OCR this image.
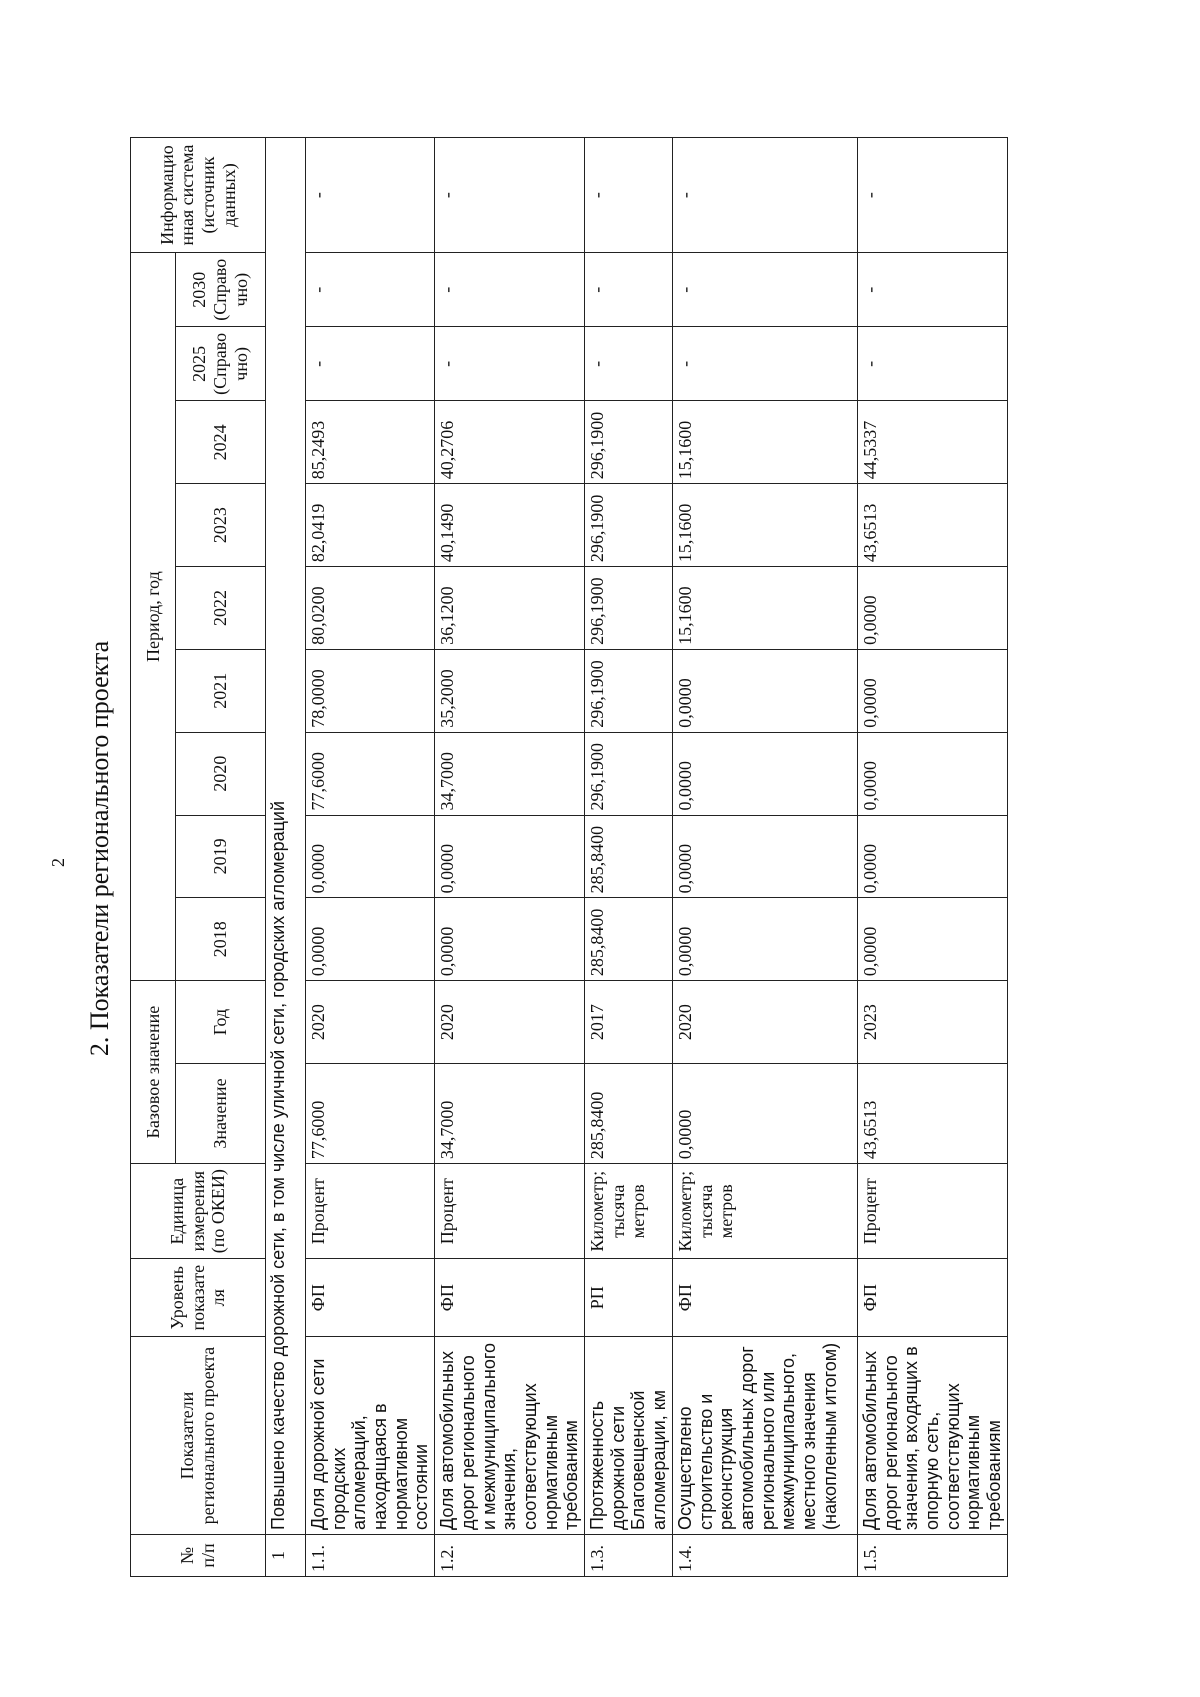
2 2. Показатели регионального проекта
№ п/п	Показатели регионального проекта	Уровень показателя	Единица измерения (по ОКЕИ)	Базовое значение		Период, год									Информационная система (источник данных)
				Значение	Год	2018	2019	2020	2021	2022	2023	2024	2025 (Справочно)	2030 (Справочно)	
1	Повышено качество дорожной сети, в том числе уличной сети, городских агломераций														
1.1.	Доля дорожной сети городских агломераций, находящаяся в нормативном состоянии	ФП	Процент	77,6000	2020	0,0000	0,0000	77,6000	78,0000	80,0200	82,0419	85,2493	-	-	-
1.2.	Доля автомобильных дорог регионального и межмуниципального значения, соответствующих нормативным требованиям	ФП	Процент	34,7000	2020	0,0000	0,0000	34,7000	35,2000	36,1200	40,1490	40,2706	-	-	-
1.3.	Протяженность дорожной сети Благовещенской агломерации, км	РП	Километр; тысяча метров	285,8400	2017	285,8400	285,8400	296,1900	296,1900	296,1900	296,1900	296,1900	-	-	-
1.4.	Осуществлено строительство и реконструкция автомобильных дорог регионального или межмуниципального, местного значения (накопленным итогом)	ФП	Километр; тысяча метров	0,0000	2020	0,0000	0,0000	0,0000	0,0000	15,1600	15,1600	15,1600	-	-	-
1.5.	Доля автомобильных дорог регионального значения, входящих в опорную сеть, соответствующих нормативным требованиям	ФП	Процент	43,6513	2023	0,0000	0,0000	0,0000	0,0000	0,0000	43,6513	44,5337	-	-	-
